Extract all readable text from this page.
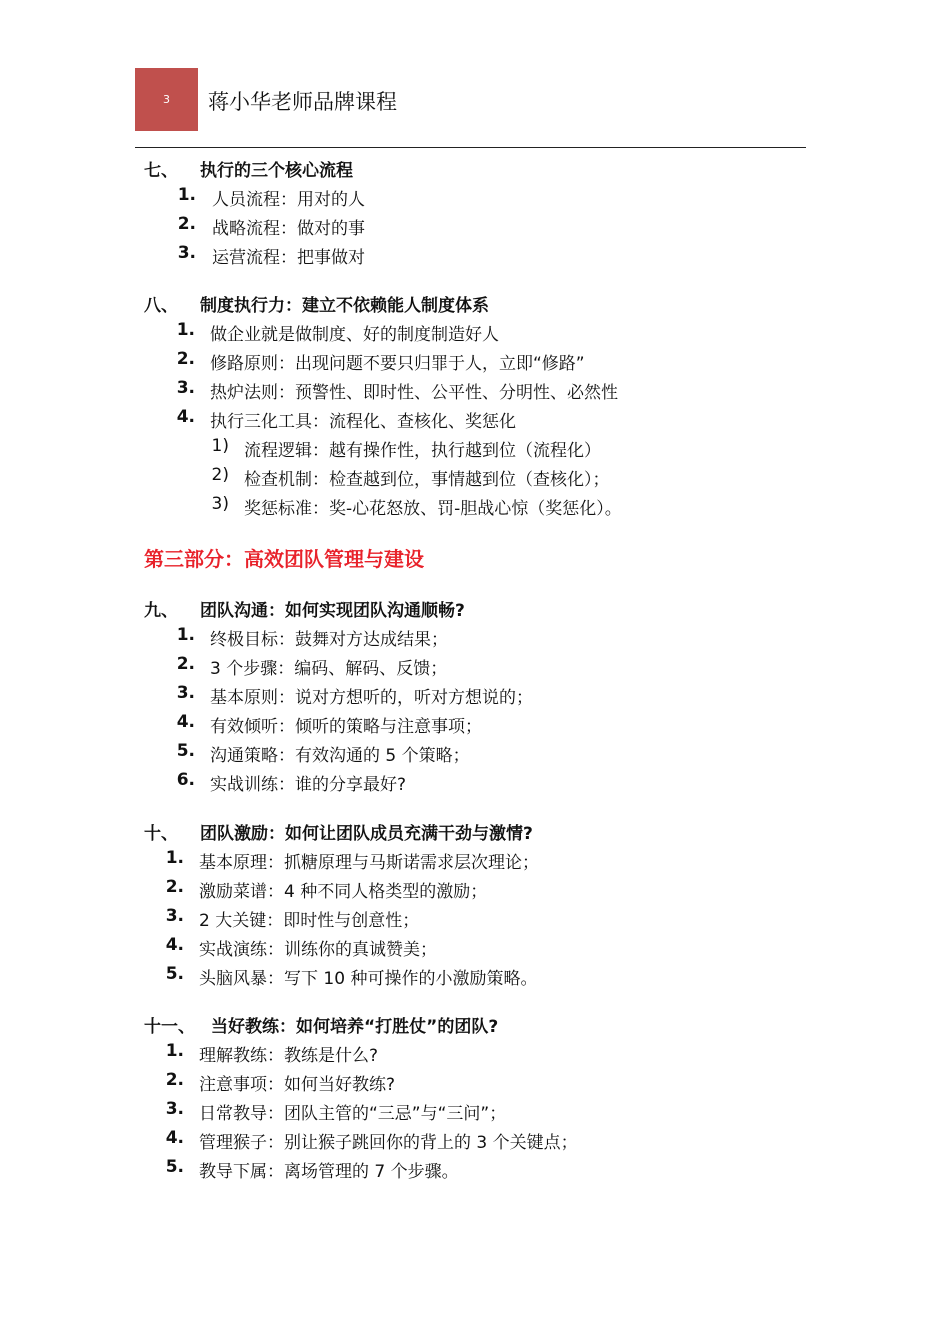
3	蒋小华老师品牌课程
七、 执行的三个核心流程
1. 人员流程：用对的人
2. 战略流程：做对的事
3. 运营流程：把事做对
八、 制度执行力：建立不依赖能人制度体系
1. 做企业就是做制度、好的制度制造好人
2. 修路原则：出现问题不要只归罪于人，立即“修路”
3. 热炉法则：预警性、即时性、公平性、分明性、必然性
4. 执行三化工具：流程化、查核化、奖惩化
1) 流程逻辑：越有操作性，执行越到位（流程化）
2) 检查机制：检查越到位，事情越到位（查核化）；
3) 奖惩标准：奖-心花怒放、罚-胆战心惊（奖惩化）。
第三部分：高效团队管理与建设
九、 团队沟通：如何实现团队沟通顺畅?
1. 终极目标：鼓舞对方达成结果；
2. 3 个步骤：编码、解码、反馈；
3. 基本原则：说对方想听的，听对方想说的；
4. 有效倾听：倾听的策略与注意事项；
5. 沟通策略：有效沟通的 5 个策略；
6. 实战训练：谁的分享最好?
十、 团队激励：如何让团队成员充满干劲与激情?
1. 基本原理：抓糖原理与马斯诺需求层次理论；
2. 激励菜谱：4 种不同人格类型的激励；
3. 2 大关键：即时性与创意性；
4. 实战演练：训练你的真诚赞美；
5. 头脑风暴：写下 10 种可操作的小激励策略。
十一、 当好教练：如何培养“打胜仗”的团队?
1. 理解教练：教练是什么?
2. 注意事项：如何当好教练?
3. 日常教导：团队主管的“三忌”与“三问”；
4. 管理猴子：别让猴子跳回你的背上的 3 个关键点；
5. 教导下属：离场管理的 7 个步骤。
